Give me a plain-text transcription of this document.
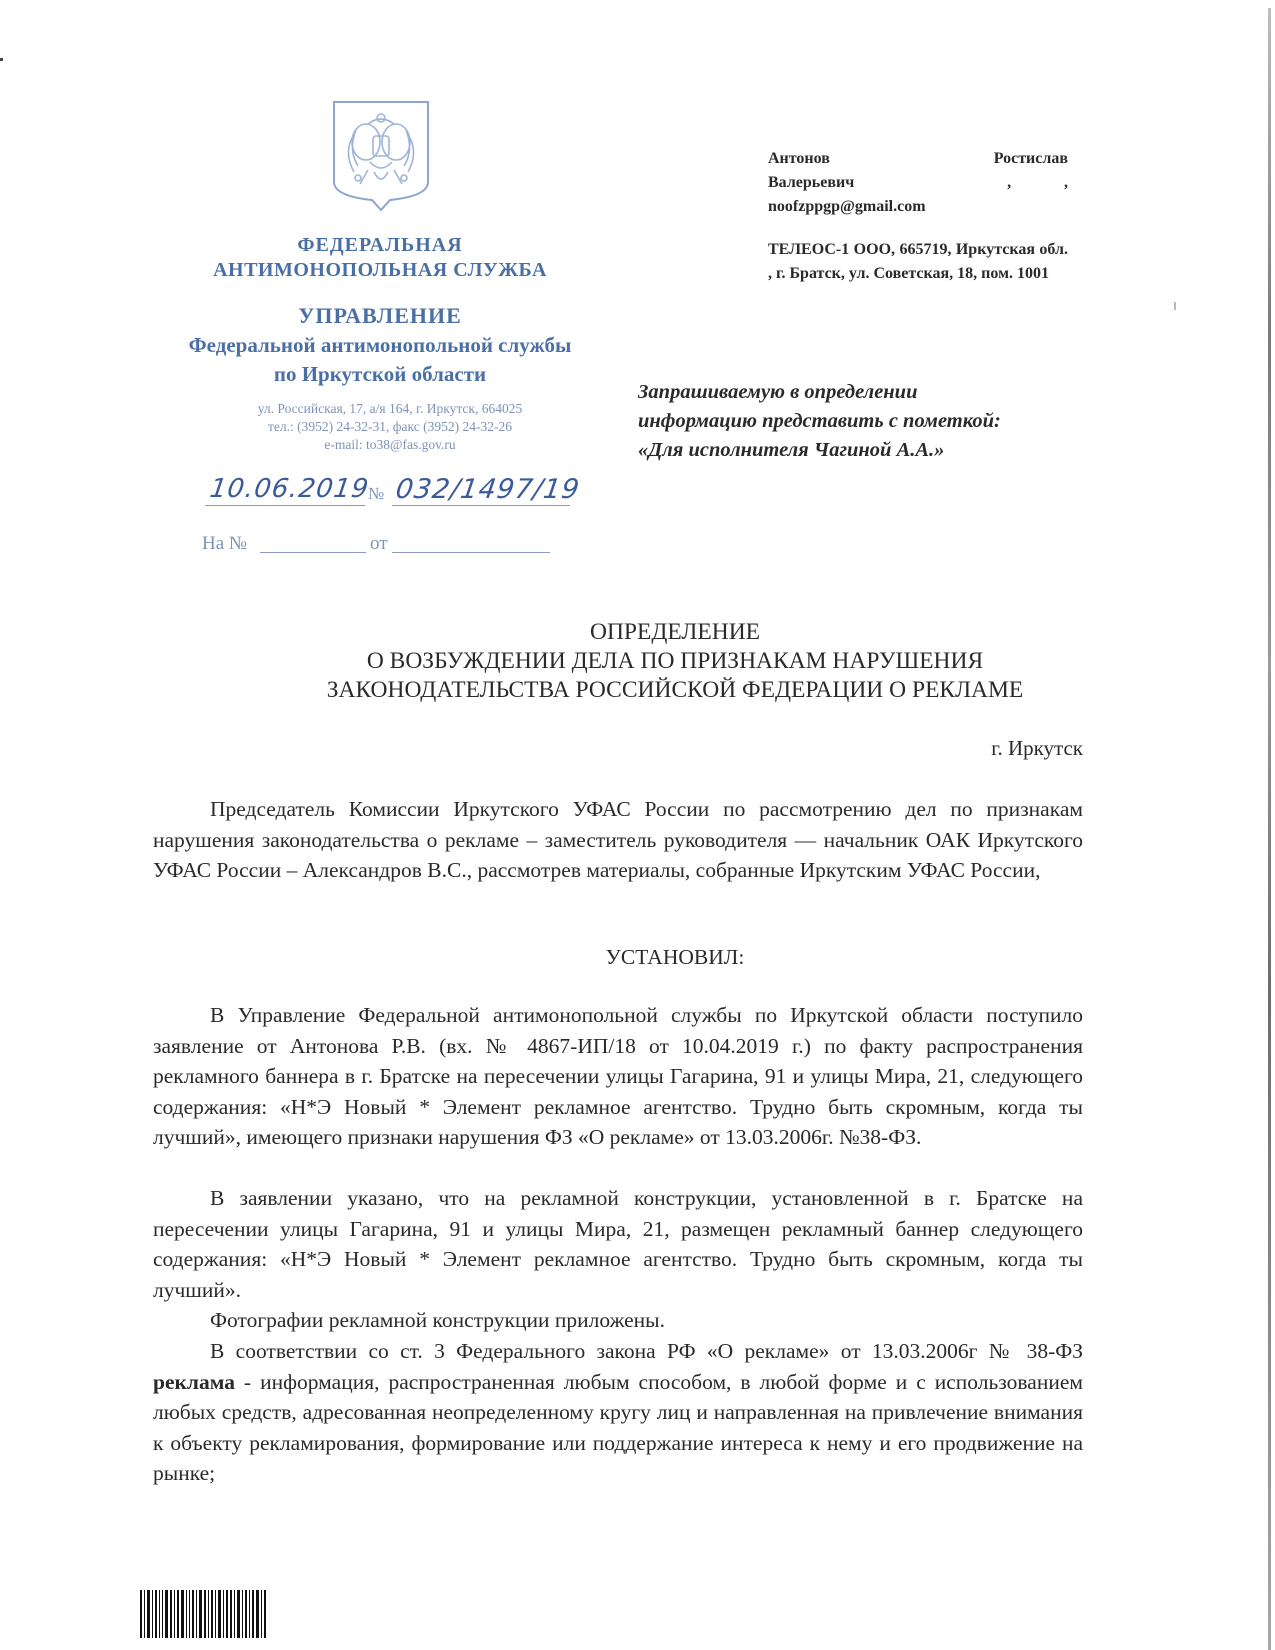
ФЕДЕРАЛЬНАЯ
АНТИМОНОПОЛЬНАЯ СЛУЖБА
УПРАВЛЕНИЕ
Федеральной антимонопольной службы
по Иркутской области
ул. Российская, 17, а/я 164, г. Иркутск, 664025
тел.: (3952) 24-32-31, факс (3952) 24-32-26
e-mail: to38@fas.gov.ru
10.06.2019
№ 032/1497/19
На №	от
Антонов	Ростислав
Валерьевич	,	,
noofzppgp@gmail.com
ТЕЛЕОС-1 ООО, 665719, Иркутская обл. , г. Братск, ул. Советская, 18, пом. 1001
Запрашиваемую в определении
информацию представить с пометкой:
«Для исполнителя Чагиной А.А.»
ОПРЕДЕЛЕНИЕ
О ВОЗБУЖДЕНИИ ДЕЛА ПО ПРИЗНАКАМ НАРУШЕНИЯ
ЗАКОНОДАТЕЛЬСТВА РОССИЙСКОЙ ФЕДЕРАЦИИ О РЕКЛАМЕ
г. Иркутск
Председатель Комиссии Иркутского УФАС России по рассмотрению дел по признакам нарушения законодательства о рекламе – заместитель руководителя — начальник ОАК Иркутского УФАС России – Александров В.С., рассмотрев материалы, собранные Иркутским УФАС России,
УСТАНОВИЛ:
В Управление Федеральной антимонопольной службы по Иркутской области поступило заявление от Антонова Р.В. (вх. № 4867-ИП/18 от 10.04.2019 г.) по факту распространения рекламного баннера в г. Братске на пересечении улицы Гагарина, 91 и улицы Мира, 21, следующего содержания: «Н*Э Новый * Элемент рекламное агентство. Трудно быть скромным, когда ты лучший», имеющего признаки нарушения ФЗ «О рекламе» от 13.03.2006г. №38-ФЗ.
В заявлении указано, что на рекламной конструкции, установленной в г. Братске на пересечении улицы Гагарина, 91 и улицы Мира, 21, размещен рекламный баннер следующего содержания: «Н*Э Новый * Элемент рекламное агентство. Трудно быть скромным, когда ты лучший».
Фотографии рекламной конструкции приложены.
В соответствии со ст. 3 Федерального закона РФ «О рекламе» от 13.03.2006г № 38-ФЗ реклама - информация, распространенная любым способом, в любой форме и с использованием любых средств, адресованная неопределенному кругу лиц и направленная на привлечение внимания к объекту рекламирования, формирование или поддержание интереса к нему и его продвижение на рынке;
